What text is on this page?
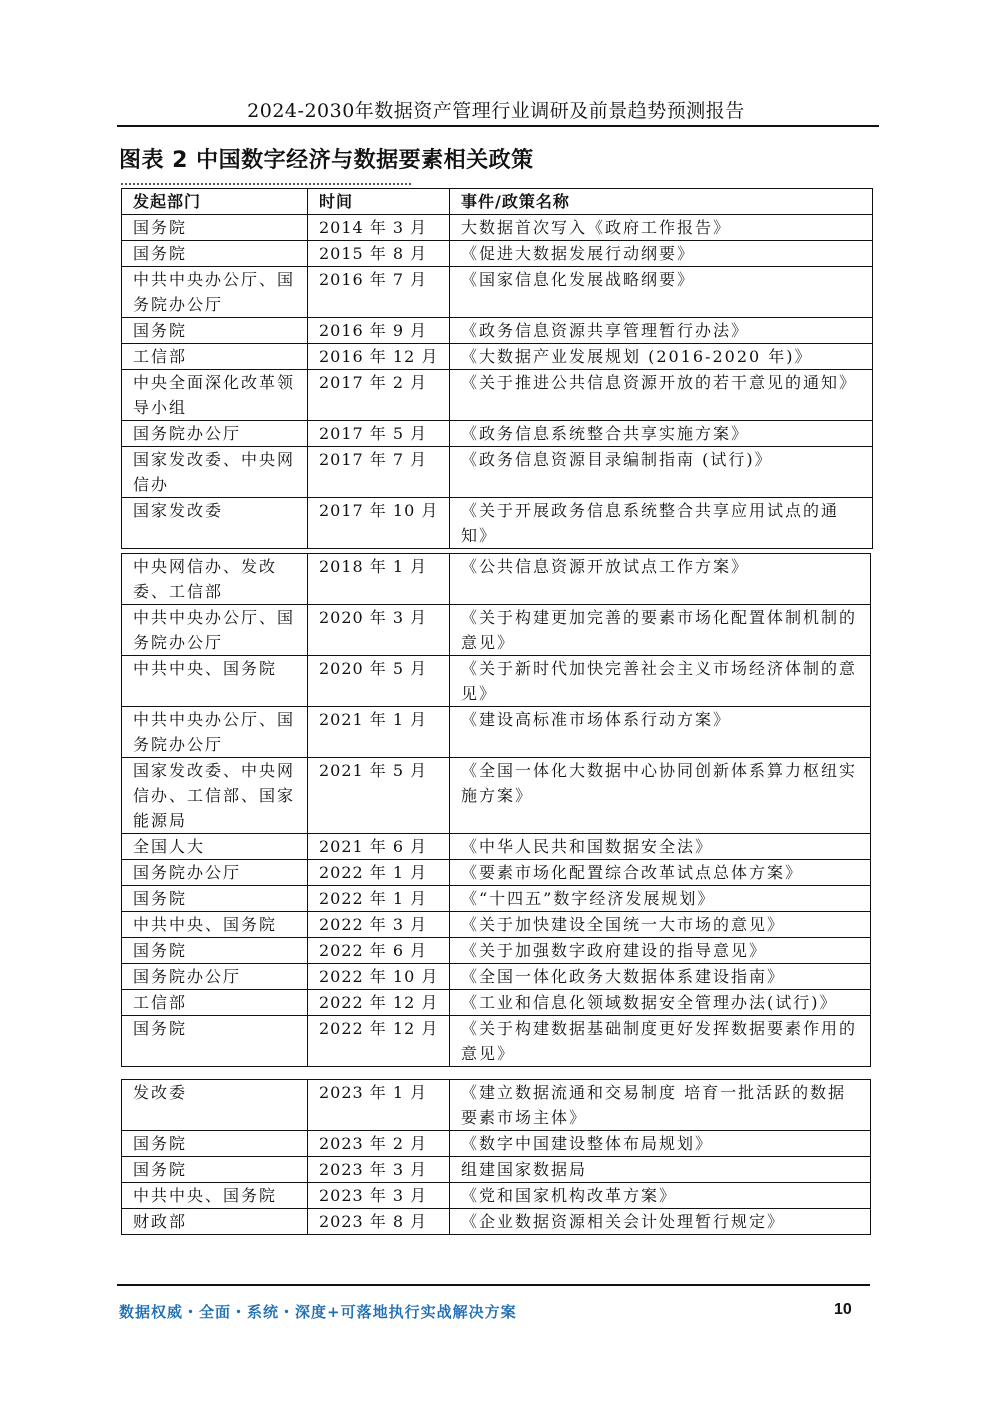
2024-2030年数据资产管理行业调研及前景趋势预测报告
图表 2 中国数字经济与数据要素相关政策
发起部门	时间	事件/政策名称
国务院	2014 年 3 月	大数据首次写入《政府工作报告》
国务院	2015 年 8 月	《促进大数据发展行动纲要》
中共中央办公厅、国务院办公厅	2016 年 7 月	《国家信息化发展战略纲要》
国务院	2016 年 9 月	《政务信息资源共享管理暂行办法》
工信部	2016 年 12 月	《大数据产业发展规划 (2016-2020 年)》
中央全面深化改革领导小组	2017 年 2 月	《关于推进公共信息资源开放的若干意见的通知》
国务院办公厅	2017 年 5 月	《政务信息系统整合共享实施方案》
国家发改委、中央网信办	2017 年 7 月	《政务信息资源目录编制指南 (试行)》
国家发改委	2017 年 10 月	《关于开展政务信息系统整合共享应用试点的通知》
中央网信办、发改委、工信部	2018 年 1 月	《公共信息资源开放试点工作方案》
中共中央办公厅、国务院办公厅	2020 年 3 月	《关于构建更加完善的要素市场化配置体制机制的意见》
中共中央、国务院	2020 年 5 月	《关于新时代加快完善社会主义市场经济体制的意见》
中共中央办公厅、国务院办公厅	2021 年 1 月	《建设高标准市场体系行动方案》
国家发改委、中央网信办、工信部、国家能源局	2021 年 5 月	《全国一体化大数据中心协同创新体系算力枢纽实施方案》
全国人大	2021 年 6 月	《中华人民共和国数据安全法》
国务院办公厅	2022 年 1 月	《要素市场化配置综合改革试点总体方案》
国务院	2022 年 1 月	《“十四五”数字经济发展规划》
中共中央、国务院	2022 年 3 月	《关于加快建设全国统一大市场的意见》
国务院	2022 年 6 月	《关于加强数字政府建设的指导意见》
国务院办公厅	2022 年 10 月	《全国一体化政务大数据体系建设指南》
工信部	2022 年 12 月	《工业和信息化领域数据安全管理办法(试行)》
国务院	2022 年 12 月	《关于构建数据基础制度更好发挥数据要素作用的意见》
发改委	2023 年 1 月	《建立数据流通和交易制度 培育一批活跃的数据要素市场主体》
国务院	2023 年 2 月	《数字中国建设整体布局规划》
国务院	2023 年 3 月	组建国家数据局
中共中央、国务院	2023 年 3 月	《党和国家机构改革方案》
财政部	2023 年 8 月	《企业数据资源相关会计处理暂行规定》
数据权威・全面・系统・深度+可落地执行实战解决方案	10
